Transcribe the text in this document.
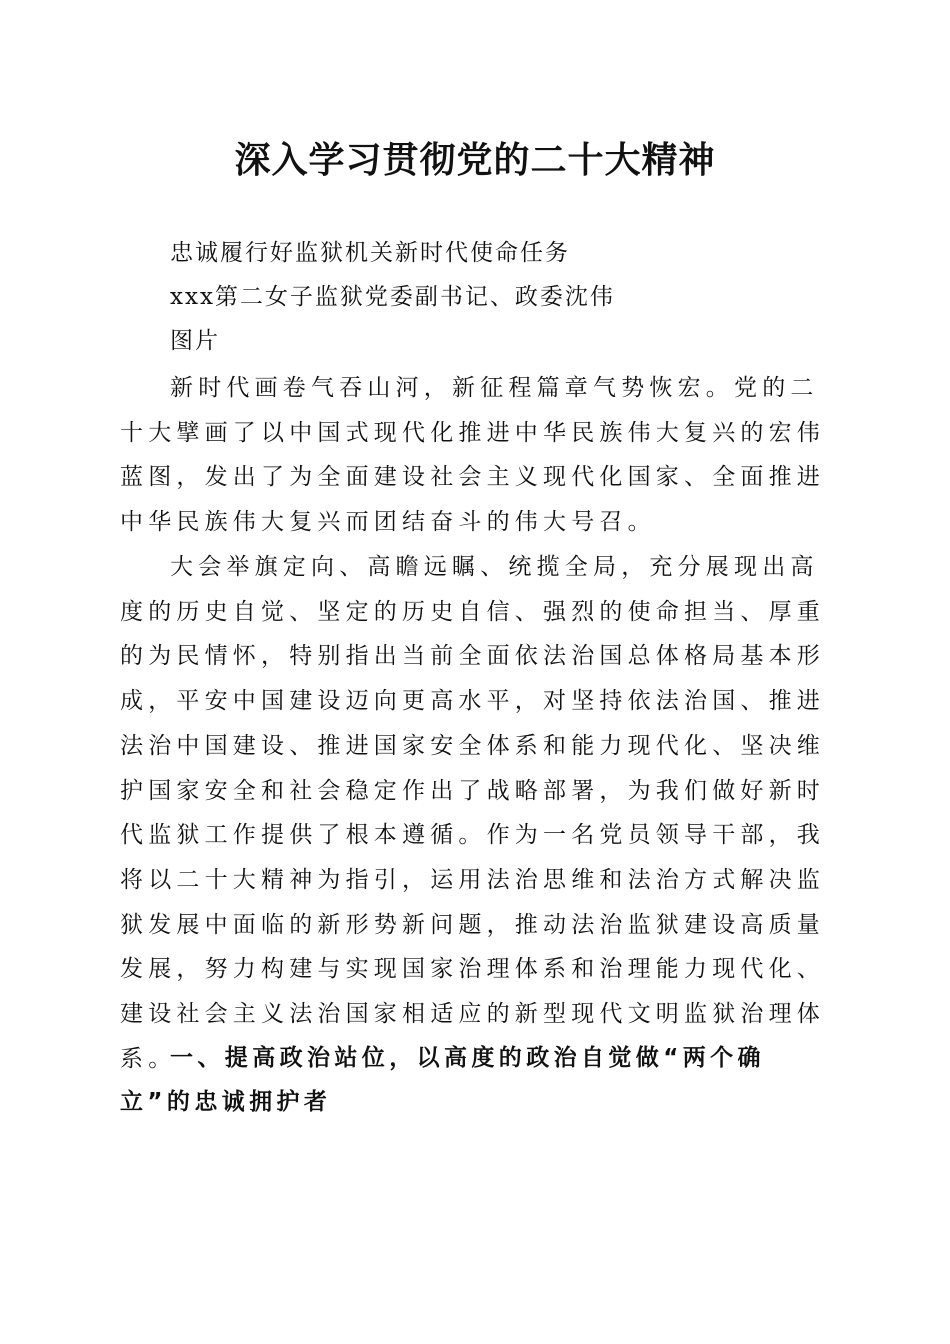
深入学习贯彻党的二十大精神
忠诚履行好监狱机关新时代使命任务
xxx第二女子监狱党委副书记、政委沈伟
图片

新时代画卷气吞山河，新征程篇章气势恢宏。党的二十大擘画了以中国式现代化推进中华民族伟大复兴的宏伟蓝图，发出了为全面建设社会主义现代化国家、全面推进中华民族伟大复兴而团结奋斗的伟大号召。

大会举旗定向、高瞻远瞩、统揽全局，充分展现出高度的历史自觉、坚定的历史自信、强烈的使命担当、厚重的为民情怀，特别指出当前全面依法治国总体格局基本形成，平安中国建设迈向更高水平，对坚持依法治国、推进法治中国建设、推进国家安全体系和能力现代化、坚决维护国家安全和社会稳定作出了战略部署，为我们做好新时代监狱工作提供了根本遵循。作为一名党员领导干部，我将以二十大精神为指引，运用法治思维和法治方式解决监狱发展中面临的新形势新问题，推动法治监狱建设高质量发展，努力构建与实现国家治理体系和治理能力现代化、建设社会主义法治国家相适应的新型现代文明监狱治理体系。

一、提高政治站位，以高度的政治自觉做“两个确立”的忠诚拥护者
